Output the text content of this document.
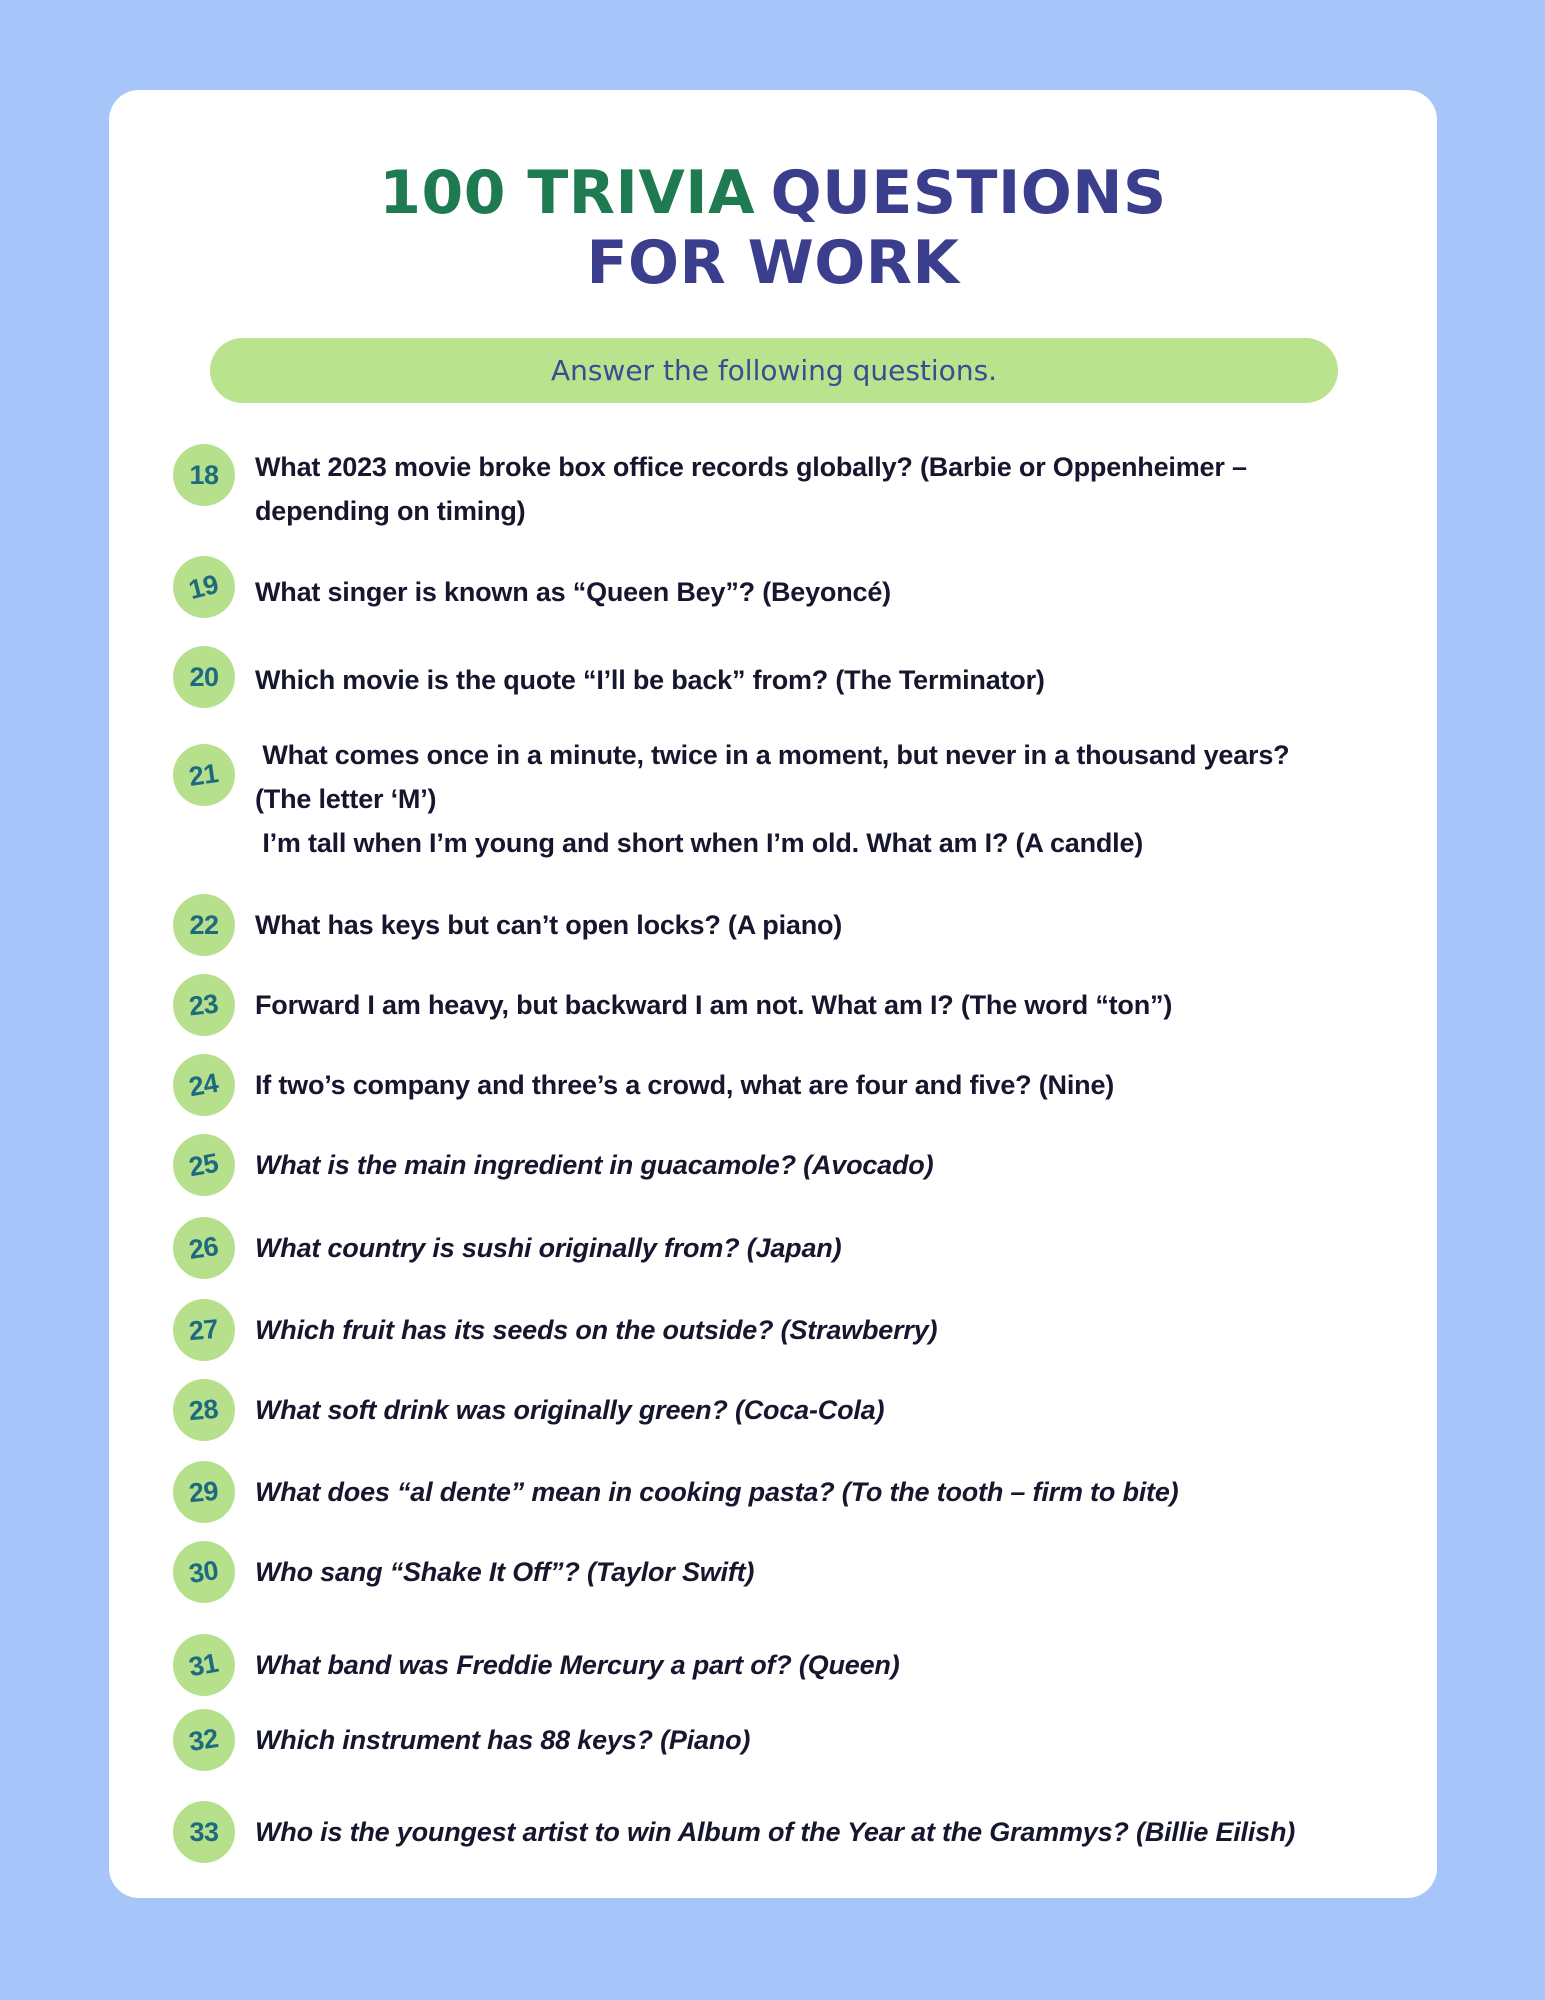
100 TRIVIA QUESTIONS
FOR WORK
Answer the following questions.
18 What 2023 movie broke box office records globally? (Barbie or Oppenheimer –
depending on timing)
19 What singer is known as “Queen Bey”? (Beyoncé)
20 Which movie is the quote “I’ll be back” from? (The Terminator)
21
What comes once in a minute, twice in a moment, but never in a thousand years?
(The letter ‘M’)
I’m tall when I’m young and short when I’m old. What am I? (A candle)
22 What has keys but can’t open locks? (A piano)
23 Forward I am heavy, but backward I am not. What am I? (The word “ton”)
24 If two’s company and three’s a crowd, what are four and five? (Nine)
25 What is the main ingredient in guacamole? (Avocado)
26 What country is sushi originally from? (Japan)
27 Which fruit has its seeds on the outside? (Strawberry)
28 What soft drink was originally green? (Coca-Cola)
29 What does “al dente” mean in cooking pasta? (To the tooth – firm to bite)
30 Who sang “Shake It Off”? (Taylor Swift)
31 What band was Freddie Mercury a part of? (Queen)
32 Which instrument has 88 keys? (Piano)
33 Who is the youngest artist to win Album of the Year at the Grammys? (Billie Eilish)
